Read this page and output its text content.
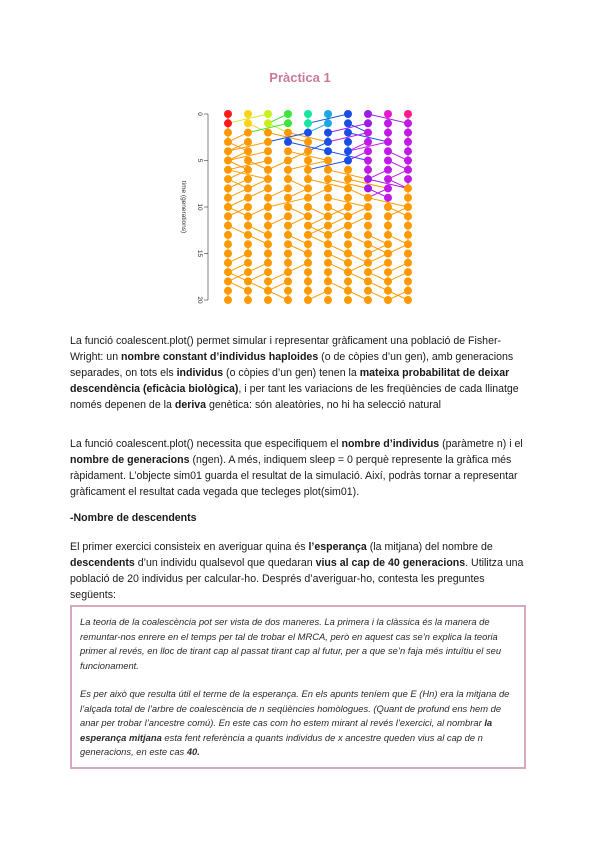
Pràctica 1
0
5
10
15
20
time (generations)
La funció coalescent.plot() permet simular i representar gràficament una població de Fisher-Wright: un nombre constant d’individus haploides (o de còpies d’un gen), amb generacions separades, on tots els individus (o còpies d’un gen) tenen la mateixa probabilitat de deixar descendència (eficàcia biològica), i per tant les variacions de les freqüències de cada llinatge només depenen de la deriva genètica: són aleatòries, no hi ha selecció natural
La funció coalescent.plot() necessita que especifiquem el nombre d’individus (paràmetre n) i el nombre de generacions (ngen). A més, indiquem sleep = 0 perquè represente la gràfica més ràpidament. L’objecte sim01 guarda el resultat de la simulació. Així, podràs tornar a representar gràficament el resultat cada vegada que tecleges plot(sim01).
-Nombre de descendents
El primer exercici consisteix en averiguar quina és l’esperança (la mitjana) del nombre de descendents d’un individu qualsevol que quedaran vius al cap de 40 generacions. Utilitza una població de 20 individus per calcular-ho. Després d’averiguar-ho, contesta les preguntes següents:
La teoria de la coalescència pot ser vista de dos maneres. La primera i la clàssica és la manera de remuntar-nos enrere en el temps per tal de trobar el MRCA, però en aquest cas se’n explica la teoria primer al revés, en lloc de tirant cap al passat tirant cap al futur, per a que se’n faja més intuïtiu el seu funcionament.
Es per això que resulta útil el terme de la esperança. En els apunts teníem que E (Hn) era la mitjana de l’alçada total de l’arbre de coalescència de n seqüències homòlogues. (Quant de profund ens hem de anar per trobar l’ancestre comú). En este cas com ho estem mirant al revés l’exercici, al nombrar la esperança mitjana esta fent referència a quants individus de x ancestre queden vius al cap de n generacions, en este cas 40.
